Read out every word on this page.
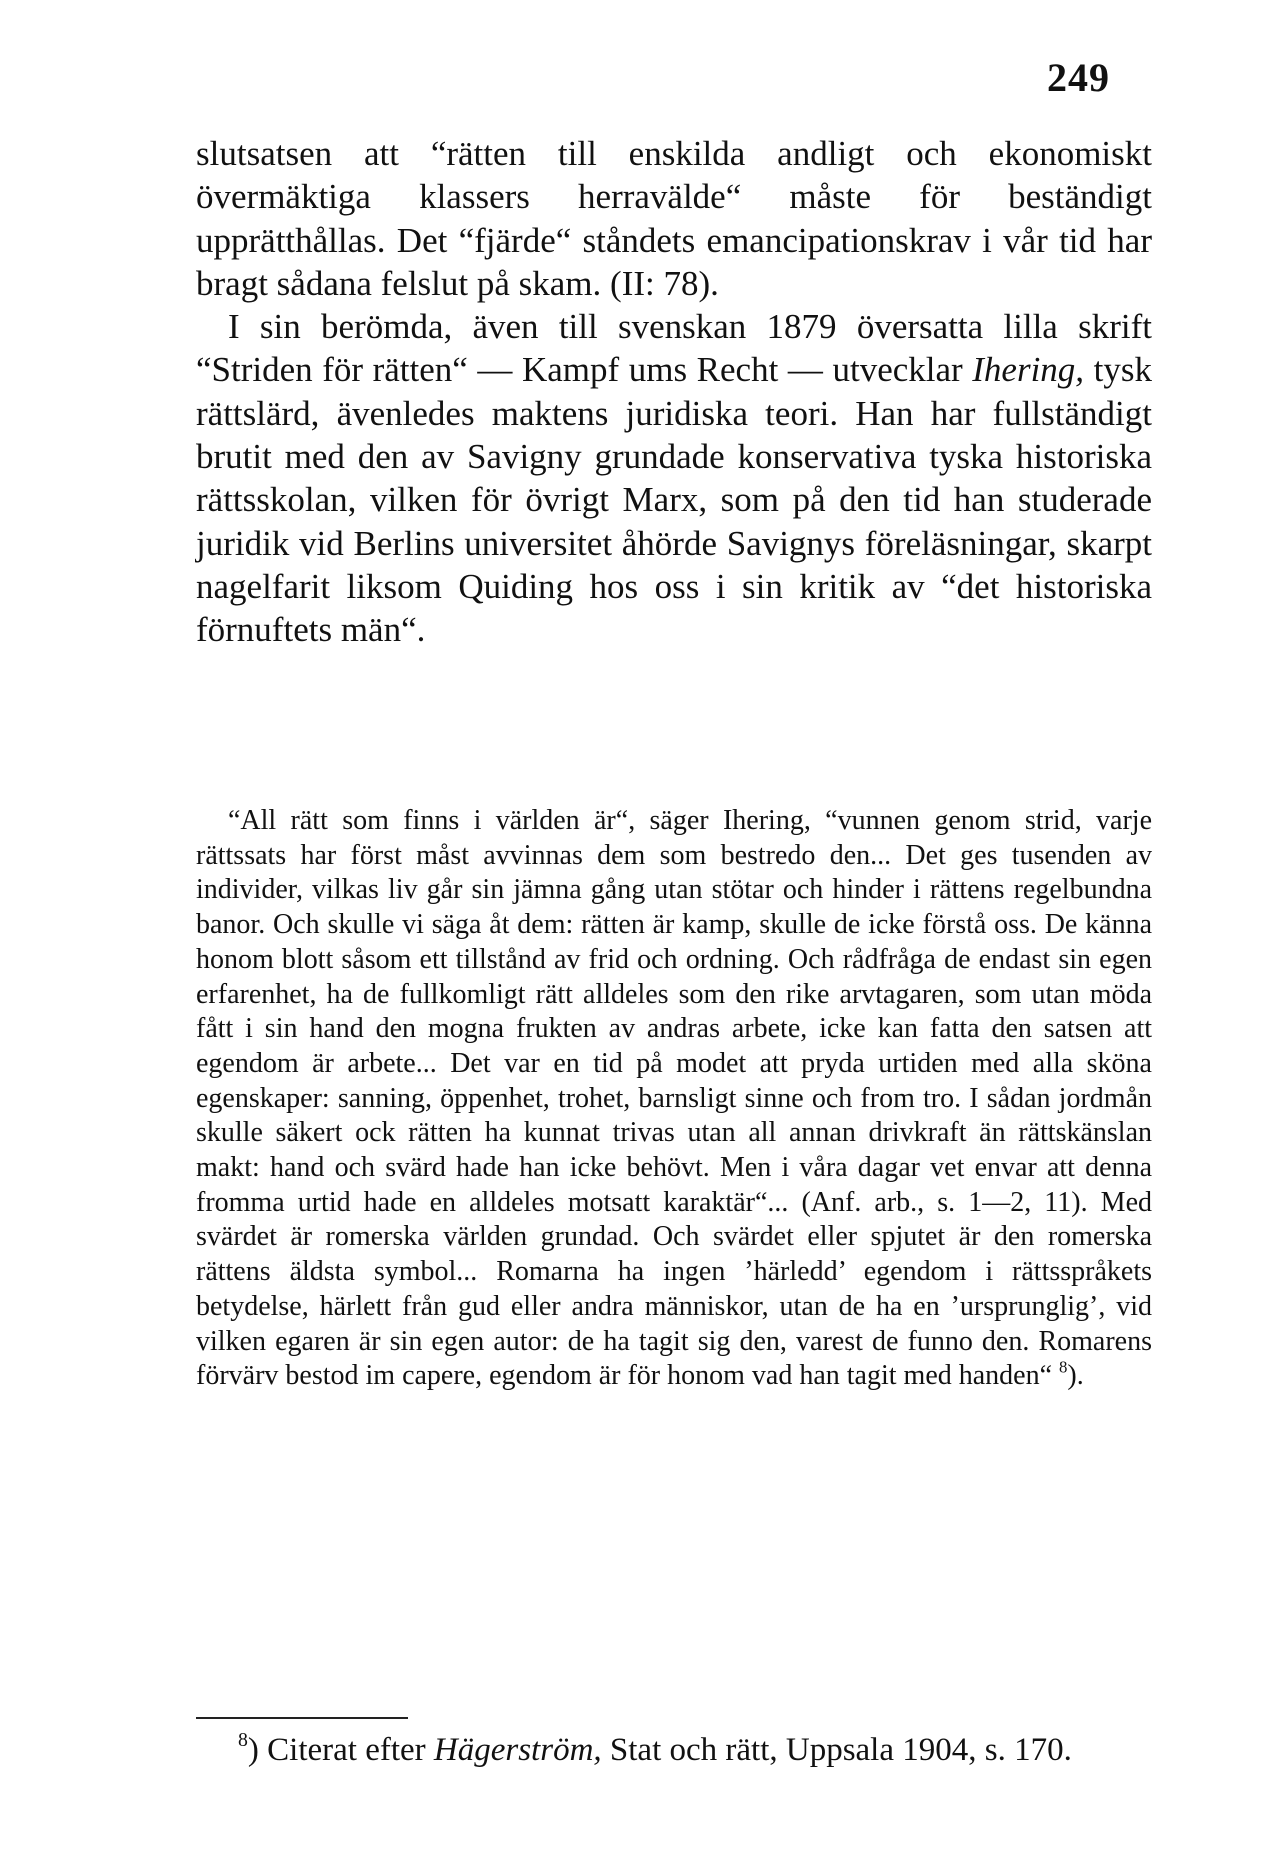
249

slutsatsen att “rätten till enskilda andligt och ekonomiskt övermäktiga klassers herravälde“ måste för beständigt upprätthållas. Det “fjärde“ ståndets emancipationskrav i vår tid har bragt sådana felslut på skam. (II: 78).

I sin berömda, även till svenskan 1879 översatta lilla skrift “Striden för rätten“ — Kampf ums Recht — utvecklar Ihering, tysk rättslärd, ävenledes maktens juridiska teori. Han har fullständigt brutit med den av Savigny grundade konservativa tyska historiska rättsskolan, vilken för övrigt Marx, som på den tid han studerade juridik vid Berlins universitet åhörde Savignys föreläsningar, skarpt nagelfarit liksom Quiding hos oss i sin kritik av “det historiska förnuftets män“.

“All rätt som finns i världen är“, säger Ihering, “vunnen genom strid, varje rättssats har först måst avvinnas dem som bestredo den... Det ges tusenden av individer, vilkas liv går sin jämna gång utan stötar och hinder i rättens regelbundna banor. Och skulle vi säga åt dem: rätten är kamp, skulle de icke förstå oss. De känna honom blott såsom ett tillstånd av frid och ordning. Och rådfråga de endast sin egen erfarenhet, ha de fullkomligt rätt alldeles som den rike arvtagaren, som utan möda fått i sin hand den mogna frukten av andras arbete, icke kan fatta den satsen att egendom är arbete... Det var en tid på modet att pryda urtiden med alla sköna egenskaper: sanning, öppenhet, trohet, barnsligt sinne och from tro. I sådan jordmån skulle säkert ock rätten ha kunnat trivas utan all annan drivkraft än rättskänslan makt: hand och svärd hade han icke behövt. Men i våra dagar vet envar att denna fromma urtid hade en alldeles motsatt karaktär“... (Anf. arb., s. 1—2, 11). Med svärdet är romerska världen grundad. Och svärdet eller spjutet är den romerska rättens äldsta symbol... Romarna ha ingen ’härledd’ egendom i rättsspråkets betydelse, härlett från gud eller andra människor, utan de ha en ’ursprunglig’, vid vilken egaren är sin egen autor: de ha tagit sig den, varest de funno den. Romarens förvärv bestod im capere, egendom är för honom vad han tagit med handen“ $^8$).

$^8$) Citerat efter Hägerström, Stat och rätt, Uppsala 1904, s. 170.
